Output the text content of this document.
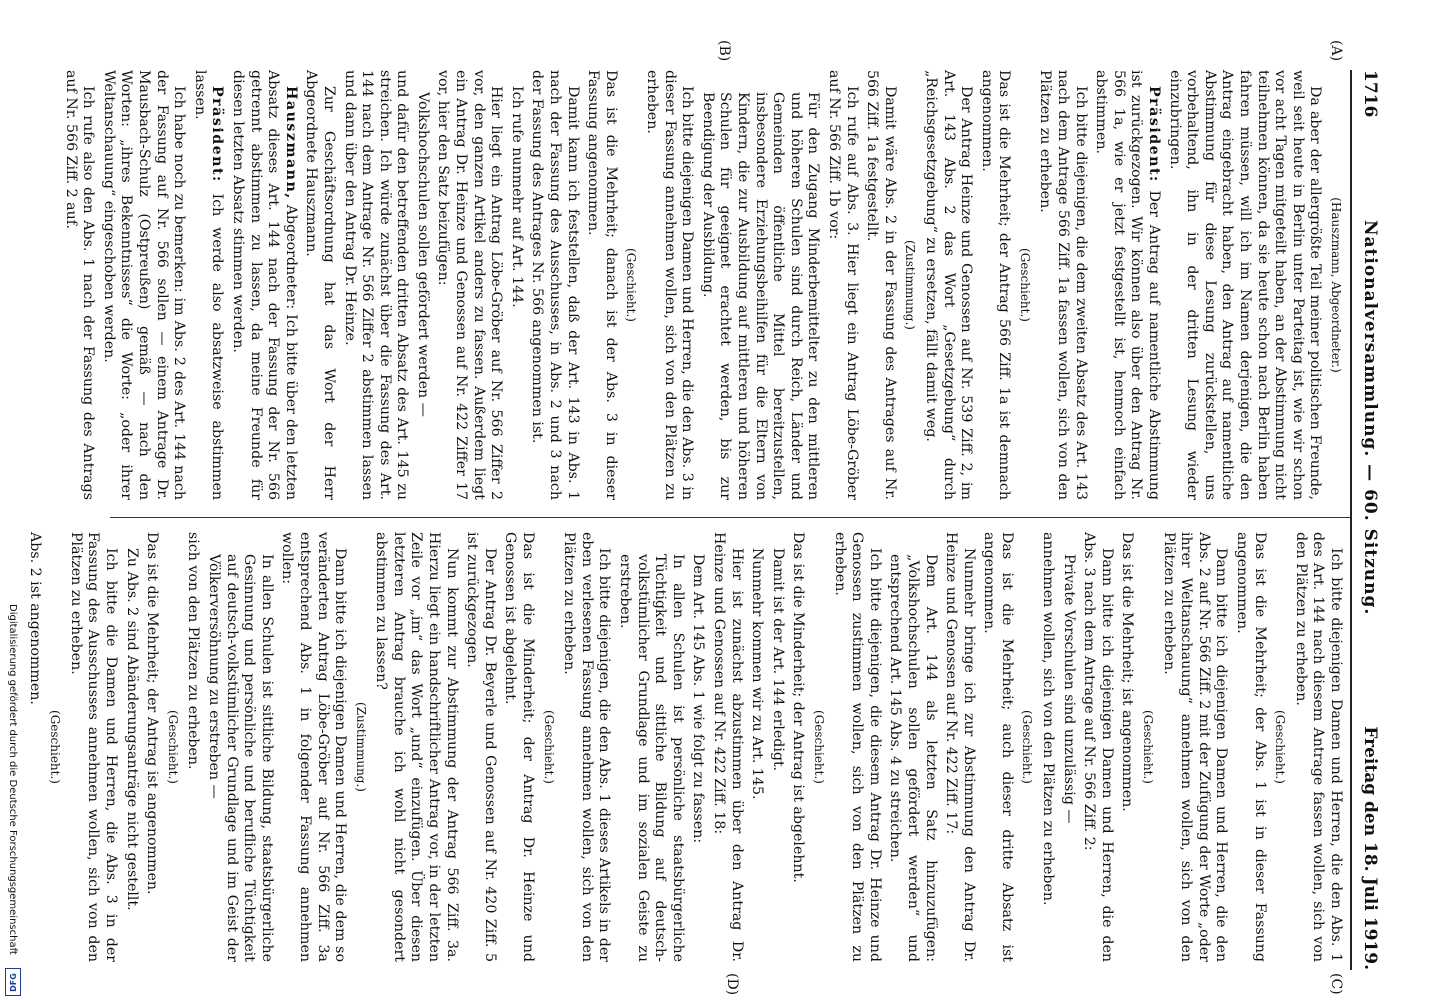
1716
Nationalversammlung. — 60. Sitzung.
Freitag den 18. Juli 1919.
(A)
(B)
(C)
(D)

(Hauszmann, Abgeordneter.)

Da aber der allergrößte Teil meiner politischen Freunde, weil seit heute in Berlin unter Parteitag ist, wie wir schon vor acht Tagen mitgeteilt haben, an der Abstimmung nicht teilnehmen können, da sie heute schon nach Berlin haben fahren müssen, will ich im Namen derjenigen, die den Antrag eingebracht haben, den Antrag auf namentliche Abstimmung für diese Lesung zurückstellen, uns vorbehaltend, ihn in der dritten Lesung wieder einzubringen.

Präsident: Der Antrag auf namentliche Abstimmung ist zurückgezogen. Wir können also über den Antrag Nr. 566 1a, wie er jetzt festgestellt ist, henmoch einfach abstimmen.

Ich bitte diejenigen, die dem zweiten Absatz des Art. 143 nach dem Antrage 566 Ziff. 1a fassen wollen, sich von den Plätzen zu erheben.

(Geschieht.)

Das ist die Mehrheit; der Antrag 566 Ziff. 1a ist demnach angenommen.

Der Antrag Heinze und Genossen auf Nr. 539 Ziff. 2, im Art. 143 Abs. 2 das Wort „Gesetzgebung“ durch „Reichsgesetzgebung“ zu ersetzen, fällt damit weg.

(Zustimmung.)

Damit wäre Abs. 2 in der Fassung des Antrages auf Nr. 566 Ziff. 1a festgestellt.

Ich rufe auf Abs. 3. Hier liegt ein Antrag Löbe-Gröber auf Nr. 566 Ziff. 1b vor:

Für den Zugang Minderbemittelter zu den mittleren und höheren Schulen sind durch Reich, Länder und Gemeinden öffentliche Mittel bereitzustellen, insbesondere Erziehungsbeihilfen für die Eltern von Kindern, die zur Ausbildung auf mittleren und höheren Schulen für geeignet erachtet werden, bis zur Beendigung der Ausbildung.

Ich bitte diejenigen Damen und Herren, die den Abs. 3 in dieser Fassung annehmen wollen, sich von den Plätzen zu erheben.

(Geschieht.)

Das ist die Mehrheit; danach ist der Abs. 3 in dieser Fassung angenommen.

Damit kann ich feststellen, daß der Art. 143 in Abs. 1 nach der Fassung des Ausschusses, in Abs. 2 und 3 nach der Fassung des Antrages Nr. 566 angenommen ist.

Ich rufe nunmehr auf Art. 144.

Hier liegt ein Antrag Löbe-Gröber auf Nr. 566 Ziffer 2 vor, den ganzen Artikel anders zu fassen. Außerdem liegt ein Antrag Dr. Heinze und Genossen auf Nr. 422 Ziffer 17 vor, hier den Satz beizufügen:

Volkshochschulen sollen gefördert werden —

und dafür den betreffenden dritten Absatz des Art. 145 zu streichen. Ich würde zunächst über die Fassung des Art. 144 nach dem Antrage Nr. 566 Ziffer 2 abstimmen lassen und dann über den Antrag Dr. Heinze.

Zur Geschäftsordnung hat das Wort der Herr Abgeordnete Hauszmann.

Hauszmann, Abgeordneter: Ich bitte über den letzten Absatz dieses Art. 144 nach der Fassung der Nr. 566 getrennt abstimmen zu lassen, da meine Freunde für diesen letzten Absatz stimmen werden.

Präsident: Ich werde also absatzweise abstimmen lassen.

Ich habe noch zu bemerken: im Abs. 2 des Art. 144 nach der Fassung auf Nr. 566 sollen — einem Antrage Dr. Mausbach-Schulz (Ostpreußen) gemäß — nach den Worten: „ihres Bekenntnisses“ die Worte: „oder ihrer Weltanschauung“ eingeschoben werden.

Ich rufe also den Abs. 1 nach der Fassung des Antrags auf Nr. 566 Ziff. 2 auf.

Ich bitte diejenigen Damen und Herren, die den Abs. 1 des Art. 144 nach diesem Antrage fassen wollen, sich von den Plätzen zu erheben.

(Geschieht.)

Das ist die Mehrheit; der Abs. 1 ist in dieser Fassung angenommen.

Dann bitte ich diejenigen Damen und Herren, die den Abs. 2 auf Nr. 566 Ziff. 2 mit der Zufügung der Worte „oder ihrer Weltanschauung“ annehmen wollen, sich von den Plätzen zu erheben.

(Geschieht.)

Das ist die Mehrheit; ist angenommen.

Dann bitte ich diejenigen Damen und Herren, die den Abs. 3 nach dem Antrage auf Nr. 566 Ziff. 2:

Private Vorschulen sind unzulässig —

annehmen wollen, sich von den Plätzen zu erheben.

(Geschieht.)

Das ist die Mehrheit; auch dieser dritte Absatz ist angenommen.

Nunmehr bringe ich zur Abstimmung den Antrag Dr. Heinze und Genossen auf Nr. 422 Ziff. 17:

Dem Art. 144 als letzten Satz hinzuzufügen: „Volkshochschulen sollen gefördert werden“ und entsprechend Art. 145 Abs. 4 zu streichen.

Ich bitte diejenigen, die diesem Antrag Dr. Heinze und Genossen zustimmen wollen, sich von den Plätzen zu erheben.

(Geschieht.)

Das ist die Minderheit; der Antrag ist abgelehnt.

Damit ist der Art. 144 erledigt.

Nunmehr kommen wir zu Art. 145.

Hier ist zunächst abzustimmen über den Antrag Dr. Heinze und Genossen auf Nr. 422 Ziff. 18:

Dem Art. 145 Abs. 1 wie folgt zu fassen:

In allen Schulen ist persönliche staatsbürgerliche Tüchtigkeit und sittliche Bildung auf deutsch-volkstümlicher Grundlage und im sozialen Geiste zu erstreben.

Ich bitte diejenigen, die den Abs. 1 dieses Artikels in der eben verlesenen Fassung annehmen wollen, sich von den Plätzen zu erheben.

(Geschieht.)

Das ist die Minderheit; der Antrag Dr. Heinze und Genossen ist abgelehnt.

Der Antrag Dr. Beyerle und Genossen auf Nr. 420 Ziff. 5 ist zurückgezogen.

Nun kommt zur Abstimmung der Antrag 566 Ziff. 3a. Hierzu liegt ein handschriftlicher Antrag vor, in der letzten Zeile vor „im“ das Wort „und“ einzufügen. Über diesen letzteren Antrag brauche ich wohl nicht gesondert abstimmen zu lassen?

(Zustimmung.)

Dann bitte ich diejenigen Damen und Herren, die dem so veränderten Antrag Löbe-Gröber auf Nr. 566 Ziff. 3a entsprechend Abs. 1 in folgender Fassung annehmen wollen:

In allen Schulen ist sittliche Bildung, staatsbürgerliche Gesinnung und persönliche und berufliche Tüchtigkeit auf deutsch-volkstümlicher Grundlage und im Geist der Völkerversöhnung zu erstreben —

sich von den Plätzen zu erheben.

(Geschieht.)

Das ist die Mehrheit; der Antrag ist angenommen.

Zu Abs. 2 sind Abänderungsanträge nicht gestellt.

Ich bitte die Damen und Herren, die Abs. 3 in der Fassung des Ausschusses annehmen wollen, sich von den Plätzen zu erheben.

(Geschieht.)

Abs. 2 ist angenommen.

Digitalisierung gefördert durch die Deutsche Forschungsgemeinschaft
DFG
